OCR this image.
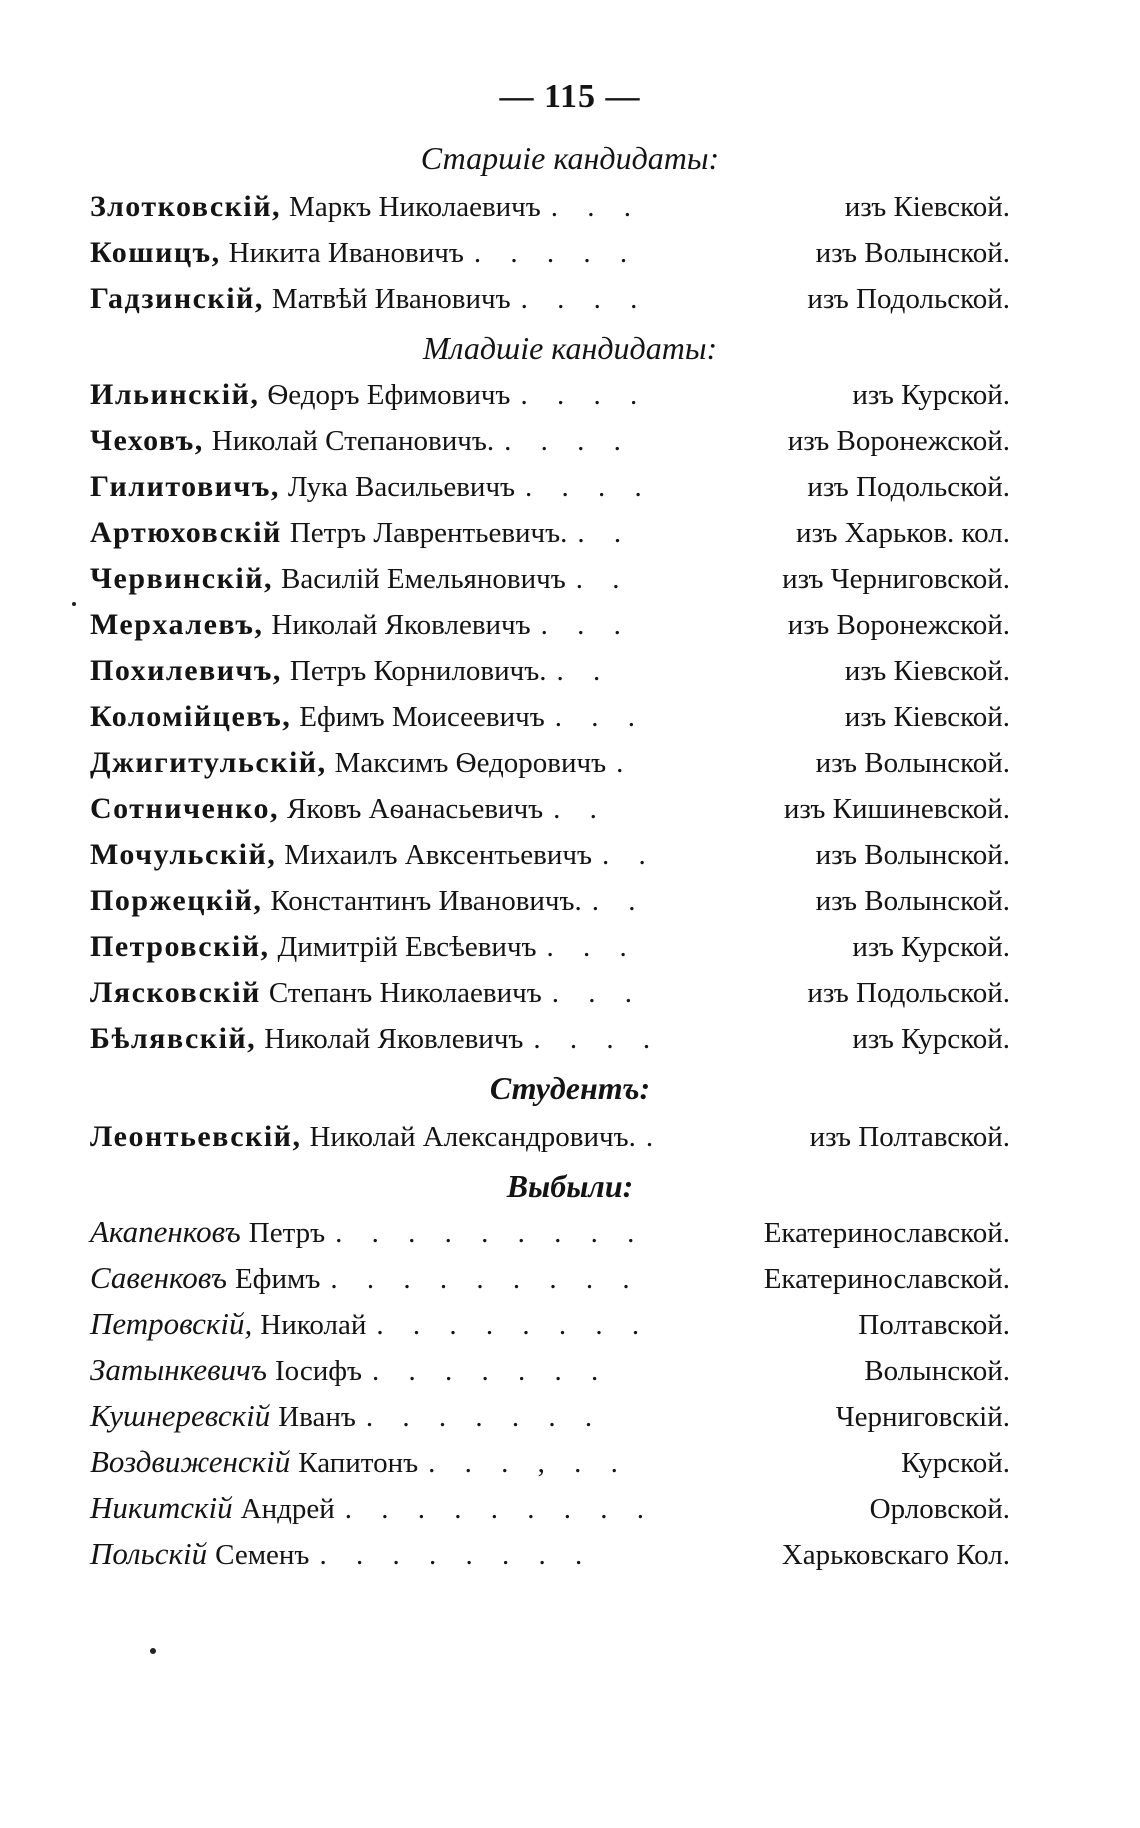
— 115 —
Старшіе кандидаты:
Злотковскій, Маркъ Николаевичъ . . .	изъ Кіевской.
Кошицъ, Никита Ивановичъ . . . . .	изъ Волынской.
Гадзинскій, Матвѣй Ивановичъ . . . .	изъ Подольской.
Младшіе кандидаты:
Ильинскій, Ѳедоръ Ефимовичъ . . . .	изъ Курской.
Чеховъ, Николай Степановичъ. . . . .	изъ Воронежской.
Гилитовичъ, Лука Васильевичъ . . . .	изъ Подольской.
Артюховскій Петръ Лаврентьевичъ. . .	изъ Харьков. кол.
Червинскій, Василій Емельяновичъ . .	изъ Черниговской.
Мерхалевъ, Николай Яковлевичъ . . .	изъ Воронежской.
Похилевичъ, Петръ Корниловичъ. . .	изъ Кіевской.
Коломійцевъ, Ефимъ Моисеевичъ . . .	изъ Кіевской.
Джигитульскій, Максимъ Ѳедоровичъ .	изъ Волынской.
Сотниченко, Яковъ Аѳанасьевичъ . .	изъ Кишиневской.
Мочульскій, Михаилъ Авксентьевичъ . .	изъ Волынской.
Поржецкій, Константинъ Ивановичъ. . .	изъ Волынской.
Петровскій, Димитрій Евсѣевичъ . . .	изъ Курской.
Лясковскій Степанъ Николаевичъ . . .	изъ Подольской.
Бѣлявскій, Николай Яковлевичъ . . . .	изъ Курской.
Студентъ:
Леонтьевскій, Николай Александровичъ. .	изъ Полтавской.
Выбыли:
Акапенковъ Петръ . . . . . . . . .	Екатеринославской.
Савенковъ Ефимъ . . . . . . . . .	Екатеринославской.
Петровскій, Николай . . . . . . . .	Полтавской.
Затынкевичъ Іосифъ . . . . . . .	Волынской.
Кушнеревскій Иванъ . . . . . . .	Черниговскій.
Воздвиженскій Капитонъ . . . , . .	Курской.
Никитскій Андрей . . . . . . . . .	Орловской.
Польскій Семенъ . . . . . . . .	Харьковскаго Кол.
